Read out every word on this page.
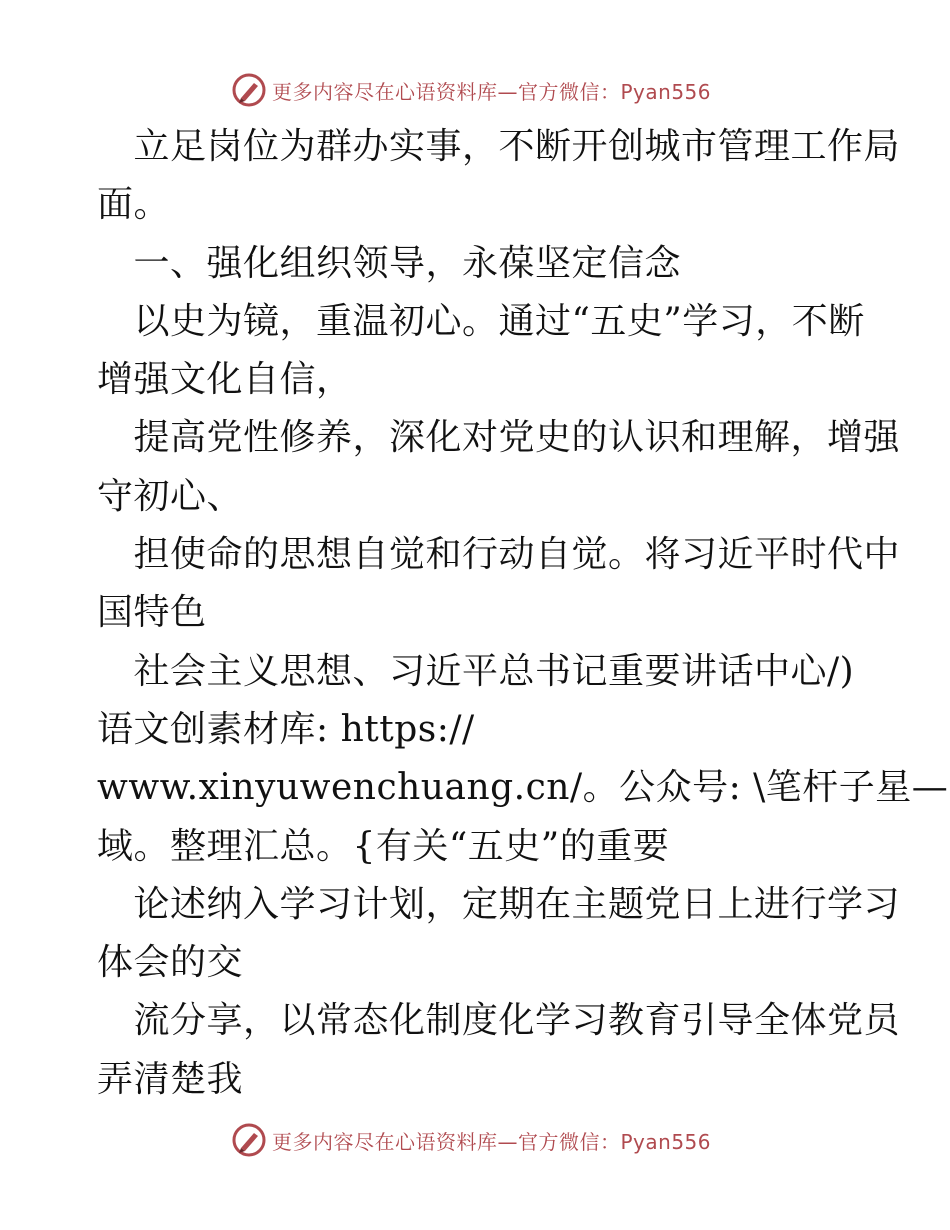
更多内容尽在心语资料库—官方微信：Pyan556
　立足岗位为群办实事，不断开创城市管理工作局
面。
　一、强化组织领导，永葆坚定信念
　以史为镜，重温初心。通过“五史”学习，不断
增强文化自信，
　提高党性修养，深化对党史的认识和理解，增强
守初心、
　担使命的思想自觉和行动自觉。将习近平时代中
国特色
　社会主义思想、习近平总书记重要讲话中心/)
语文创素材库: https://
www.xinyuwenchuang.cn/。公众号: \笔杆子星—
域。整理汇总。{有关“五史”的重要
　论述纳入学习计划，定期在主题党日上进行学习
体会的交
　流分享，以常态化制度化学习教育引导全体党员
弄清楚我
更多内容尽在心语资料库—官方微信：Pyan556
